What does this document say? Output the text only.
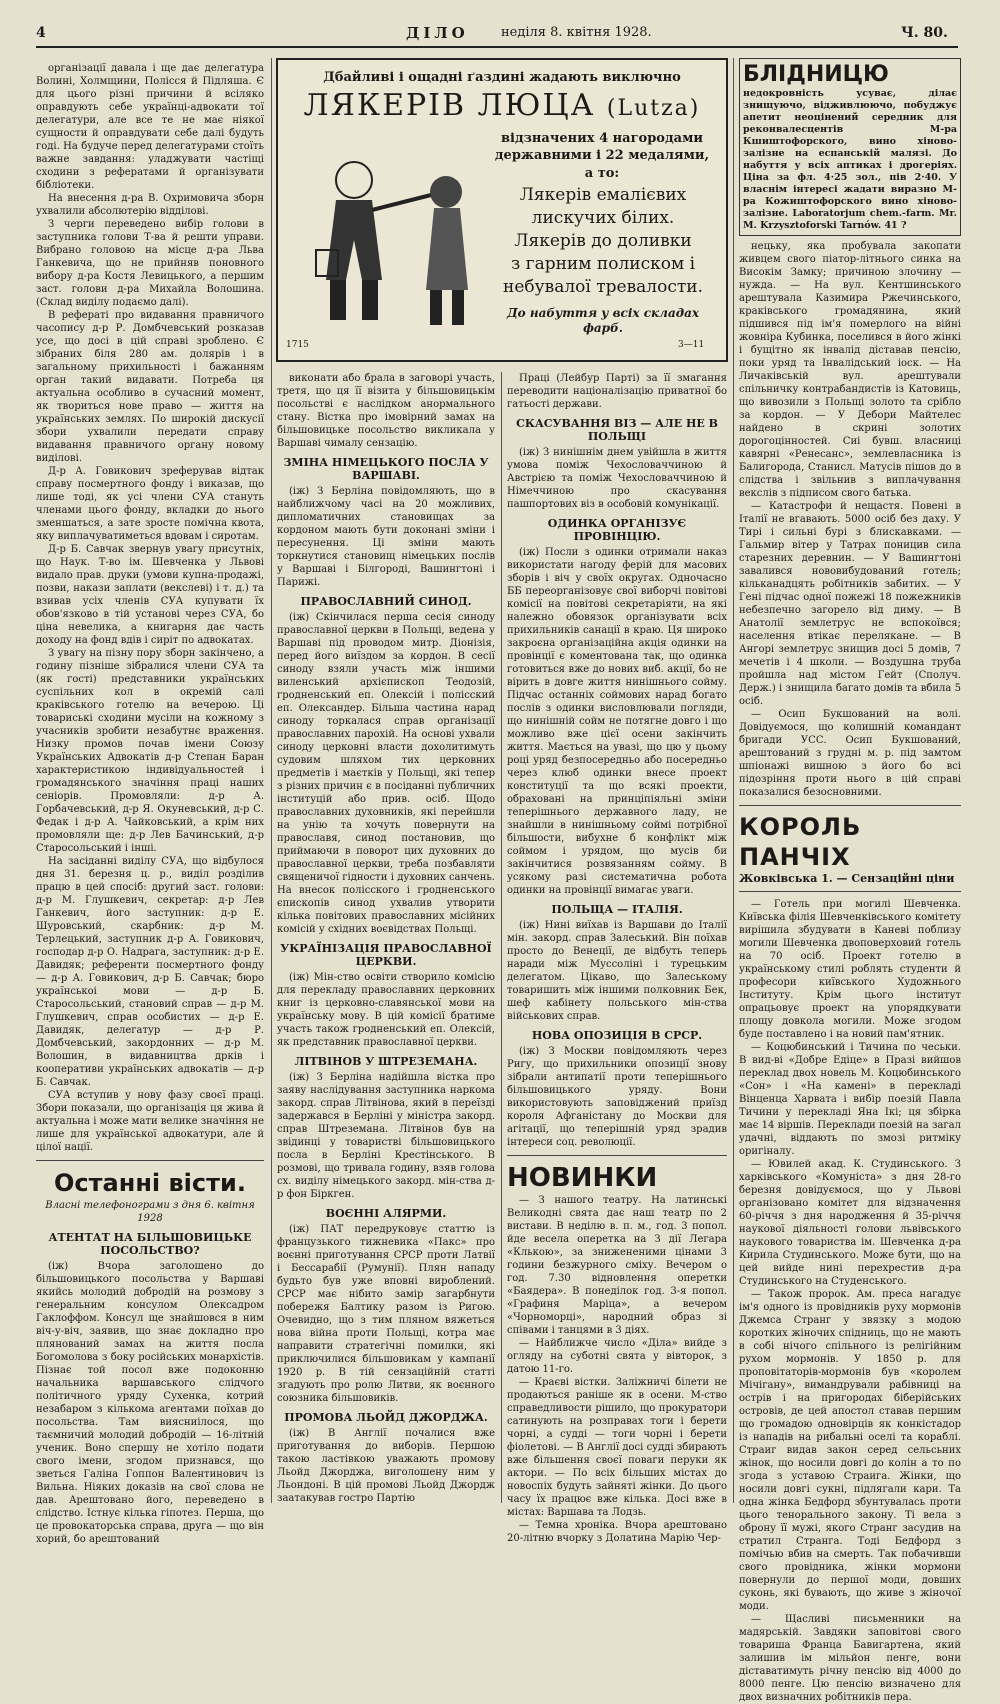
4	ДІЛО неділя 8. квітня 1928.	Ч. 80.

організації давала і ще дає делегатура Волині, Холмщини, Полісся й Підляша. Є для цього різні причини й всіляко оправдують себе українці-адвокати тої делегатури, але все те не має ніякої сущности й оправдувати себе далі будуть годі. На будуче перед делегатурами стоїть важне завдання: уладжувати частіщі сходини з рефератами й організувати бібліотеки.

На внесення д-ра В. Охримовича зборн ухвалили абсолютерію відділові.

З черги переведено вибір голови в заступника голови Т-ва й решти управи. Вибрано головою на місце д-ра Льва Ганкевича, що не прийняв поновного вибору д-ра Костя Левицького, а першим заст. голови д-ра Михайла Волошина. (Склад виділу подаємо далі).

В рефераті про видавання правничого часопису д-р Р. Домбчевський розказав усе, що досі в цій справі зроблено. Є зібраних біля 280 ам. долярів і в загальному прихильності і бажанням орган такий видавати. Потреба ця актуальна особливо в сучасний момент, як твориться нове право — життя на українських землях. По широкій дискусії збори ухвалили передати справу видавання правничого органу новому виділові.

Д-р А. Говикович зреферував відтак справу посмертного фонду і виказав, що лише тоді, як усі члени СУА стануть членами цього фонду, вкладки до нього зменшаться, а зате зросте помічна квота, яку виплачуватиметься вдовам і сиротам.

Д-р Б. Савчак звернув увагу присутніх, що Наук. Т-во ім. Шевченка у Львові видало прав. друки (умови купна-продажі, позви, накази заплати (векслеві) і т. д.) та взивав усіх членів СУА купувати їх обов'язково в тій установі через СУА, бо ціна невелика, а книгарня дає часть доходу на фонд вдів і сиріт по адвокатах.

З увагу на пізну пору зборн закінчено, а годину пізніше зібралися члени СУА та (як гості) представники українських суспільних кол в окремій салі краківського готелю на вечерою. Ці товариські сходини мусіли на кожному з учасників зробити незабутнє враження. Низку промов почав імени Союзу Українських Адвокатів д-р Степан Баран характеристикою індивідуальностей і громадянського значіння праці наших сеніорів. Промовляли: д-р А. Горбачевський, д-р Я. Окуневський, д-р С. Федак і д-р А. Чайковський, а крім них промовляли ще: д-р Лев Бачинський, д-р Старосольський і інші.

На засіданні виділу СУА, що відбулося дня 31. березня ц. р., виділ розділив працю в цей спосіб: другий заст. голови: д-р М. Глушкевич, секретар: д-р Лев Ганкевич, його заступник: д-р Е. Шуровський, скарбник: д-р М. Терлецький, заступник д-р А. Говикович, господар д-р О. Надрага, заступник: д-р Е. Давидяк; референти посмертного фонду — д-р А. Говикович, д-р Б. Савчак; бюро українськоі мови — д-р Б. Старосольський, становий справ — д-р М. Глушкевич, справ особистих — д-р Е. Давидяк, делегатур — д-р Р. Домбчевський, закордонних — д-р М. Волошин, в видавництва дрків і кооперативи українських адвокатів — д-р Б. Савчак.

СУА вступив у нову фазу своєї праці. Збори показали, що організація ця жива й актуальна і може мати велике значіння не лише для української адвокатури, але й цілої нації.

Останні вісти.
Власні телефонограми з дня 6. квітня 1928
АТЕНТАТ НА БІЛЬШОВИЦЬКЕ ПОСОЛЬСТВО?

(іж) Вчора заголошено до більшовицького посольства у Варшаві якийсь молодий добродій на розмову з генеральним консулом Олексадром Гаклоффом. Консул ще знайшовся в ним віч-у-віч, заявив, що знає докладно про плянований замах на життя посла Богомолова з боку російських монархістів. Пізнає той посол вже подоконню начальника варшавського слідчого політичного уряду Сухенка, котрий незабаром з кількома агентами поїхав до посольства. Там виясниілося, що таємничий молодий добродій — 16-літній ученик. Воно спершу не хотіло подати свого імени, згодом признався, що зветься Галіна Гоппон Валентинович із Вильна. Ніяких доказів на свої слова не дав. Арештовано його, переведено в слідство. Істнує кілька гіпотез. Перша, що це провокаторська справа, друга — що він хорий, бо арештований

Дбайливі і ощадні ґаздині жадають виключно
ЛЯКЕРІВ ЛЮЦА (Lutza)
відзначених 4 нагородами державними і 22 медалями,
а то:
Лякерів емалієвих
лискучих білих.
Лякерів до доливки
з гарним полиском і
небувалої тревалости.
До набуття у всіх складах фарб.
1715	3—11

виконати або брала в заговорі участь, третя, що ця її візита у більшовицькім посольстві є наслідком анормального стану. Вістка про імовірний замах на більшовицьке посольство викликала у Варшаві чималу сензацію.

ЗМІНА НІМЕЦЬКОГО ПОСЛА У ВАРШАВІ.

(іж) З Берліна повідомляють, що в найближчому часі на 20 можливих, дипломатичних становищах за кордоном мають бути доконані зміни і пересунення. Ці зміни мають торкнутися становищ німецьких послів у Варшаві і Білгороді, Вашингтоні і Парижі.

ПРАВОСЛАВНИЙ СИНОД.

(іж) Скінчилася перша сесія синоду православної церкви в Польщі, ведена у Варшаві під проводом митр. Діонізія, перед його виїздом за кордон. В сесії синоду взяли участь між іншими виленський архієпископ Теодозій, гродненський еп. Олексій і полісский еп. Олександер. Більша частина нарад синоду торкалася справ організації православних парохій. На основі ухвали синоду церковні власти дохолитимуть судовим шляхом тих церковних предметів і маєтків у Польщі, які тепер з різних причин є в посіданні публичних інституцій або прив. осіб. Щодо православних духовників, які перейшли на унію та хочуть повернути на православя, синод постановив, що приймаючи в поворот цих духовних до православної церкви, треба позбавляти священичої гідности і духовних санчень. На внесок полісского і гродненського єпископів синод ухвалив утворити кілька повітових православних місійних комісій у східних воєвідствах Польщі.

УКРАЇНІЗАЦІЯ ПРАВОСЛАВНОЇ ЦЕРКВИ.

(іж) Мін-ство освіти створило комісію для перекладу православних церковних книг із церковно-славянської мови на українську мову. В цій комісії братиме участь також гродненський еп. Олексій, як представник православної церкви.

ЛІТВІНОВ У ШТРЕЗЕМАНА.

(іж) З Берліна надійшла вістка про заяву наслідування заступника наркома закорд. справ Літвінова, який в переїзді задержався в Берліні у міністра закорд. справ Штреземана. Літвінов був на звідинці у товаристві більшовицького посла в Берліні Крестінського. В розмові, що тривала годину, взяв голова сх. виділу німецького закорд. мін-ства д-р фон Біркген.

ВОЄННІ АЛЯРМИ.

(іж) ПАТ передруковує статтю із французького тижневика «Пакс» про воєнні приготування СРСР проти Латвії і Бессарабії (Румунії). Плян нападу будьто був уже вповні вироблений. СРСР має нібито замір загарбнути побережя Балтику разом із Ригою. Очевидно, що з тим пляном вяжеться нова війна проти Польщі, котра має направити стратегічні помилки, які приключилися більшовикам у кампанії 1920 р. В тій сензаційній статті згадують про ролю Литви, як воєнного союзника більшовиків.

ПРОМОВА ЛЬОЙД ДЖОРДЖА.

(іж) В Англії почалися вже приготування до виборів. Першою такою ластівкою уважають промову Льойд Джорджа, виголошену ним у Льондоні. В цій промові Льойд Джордж заатакував гостро Партію

Праці (Лейбур Парті) за її змагання переводити націоналізацію приватної бо гатьості держави.

СКАСУВАННЯ ВІЗ — АЛЕ НЕ В ПОЛЬЩІ

(іж) З нинішнім днем увійшла в життя умова поміж Чехословаччиною й Австрією та поміж Чехословаччиною й Німеччиною про скасування пашпортових віз в особовій комунікації.

ОДИНКА ОРГАНІЗУЄ ПРОВІНЦІЮ.

(іж) Посли з одинки отримали наказ використати нагоду ферій для масових зборів і віч у своїх округах. Одночасно ББ переорганізовує свої виборчі повітові комісії на повітові секретаріяти, на які належно обовязок організувати всіх прихильників санації в краю. Ця широко закроєна організаційна акція одинки на провінції є коментована так, що одинка готовиться вже до нових виб. акції, бо не вірить в довге життя нинішнього сойму. Підчас останніх соймових нарад богато послів з одинки висловлювали погляди, що нинішній сойм не потягне довго і що можливо вже цієї осени закінчить життя. Мається на увазі, що цю у цьому році уряд безпосередньо або посередньо через клюб одинки внесе проект конституції та що всякі проекти, обраховані на принціпіяльні зміни теперішнього державного ладу, не знайшли в нинішньому соймі потрібної більшости, вибухне б конфлікт між соймом і урядом, що мусів би закінчитися розвязанням сойму. В усякому разі систематична робота одинки на провінції вимагає уваги.

ПОЛЬЩА — ІТАЛІЯ.

(іж) Нині виїхав із Варшави до Італії мін. закорд. справ Залеський. Він поїхав просто до Венеції, де відбуть теперь наради між Муссоліні і турецьким делегатом. Цікаво, що Залеському товаришить між іншими полковник Бек, шеф кабінету польського мін-ства військових справ.

НОВА ОПОЗИЦІЯ В СРСР.

(іж) З Москви повідомляють через Ригу, що прихильники опозиції знову зібрали антипатії проти теперішнього більшовицького уряду. Вони використовують заповіджений приїзд короля Афганістану до Москви для агітації, що теперішній уряд зрадив інтереси соц. революції.

НОВИНКИ

— З нашого театру. На латинські Великодні свята дає наш театр по 2 вистави. В неділю в. п. м., год. 3 попол. йде весела оперетка на З дії Легара «Клькою», за знижененими цінами 3 години безжурного сміху. Вечером о год. 7.30 відновлення оперетки «Баядера». В понеділок год. 3-я попол. «Графиня Маріца», а вечером «Чорноморці», народний образ зі співами і танцями в 3 діях.

— Найближче число «Діла» вийде з огляду на суботні свята у вівторок, з датою 11-го.

— Краєві вістки. Заліжничі білети не продаються раніше як в осени. М-ство справедливости рішило, що прокуратори сатинують на розправах тоги і берети чорні, а судді — тоги чорні і берети фіолетові. — В Англії досі судді збирають вже більшення своєї поваги перуки як актори. — По всіх більших містах до новоспіх будуть зайняті жінки. До цього часу їх працює вже кілька. Досі вже в містах: Варшава та Лодзь.

— Темна хроніка. Вчора арештовано 20-літню вчорку з Долатина Марію Чер-

БЛІДНИЦЮ
недокровність усуває, ділає знищуючо, відживлюючо, побуджує апетит неоцінений середник для реконвалесцентів М-ра Кшиштофорского, вино хіново-залізне на еспанській малязі. До набуття у всіх аптиках і дрогеріях. Ціна за фл. 4·25 зол., пів 2·40. У власнім інтересі жадати виразно М-ра Кожиштофорского вино хіново-залізне. Laboratorjum chem.-farm. Mr. M. Krzysztoforski Tarnów. 41 ?

нецьку, яка пробувала закопати живцем свого піатор-літнього синка на Високім Замку; причиною злочину — нужда. — На вул. Кентшинського арештувала Казимира Ржечинського, краківського громадянина, який підшився під ім'я померлого на війні жовніра Кубинка, поселився в його жінкі і бущітно як інвалід діставав пенсію, поки уряд та Інвалідський іоск. — На Личаківській вул. арештували спільничку контрабандистів із Катовиць, що вивозили з Польщі золото та срібло за кордон. — У Дебори Майтелес найдено в скрині золотих дорогоцінностей. Сиі бувш. власниці кавярні «Ренесанс», землевласника із Балигорода, Станисл. Матусів пішов до в слідства і звільнив з виплачування векслів з підписом свого батька.

— Катастрофи й нещастя. Повені в Італії не вгавають. 5000 осіб без даху. У Тирі і сильні бурі з блискавками. — Гальмир вітер у Татрах поницив сила старезних деревнин. — У Вашингтоні завалився нововибудований готель; кільканадцять робітників забитих. — У Гені підчас одної пожежі 18 пожежників небезпечно загорело від диму. — В Анатолії землетрус не вспокоївся; населення втікає переляканe. — В Ангорі землетрус знищив досі 5 домів, 7 мечетів і 4 школи. — Воздушна труба пройшла над містом Гейт (Сполуч. Держ.) і знищила багато домів та вбила 5 осіб.

— Осип Букшований на волі. Довідуємося, що колишній командант бригади УСС. Осип Букшований, арештований з грудні м. р. під замтом шпіонажі вишною з його бо всі підозріння проти нього в цій справі показалися безосновними.

КОРОЛЬ ПАНЧІХ
Жовківська 1. — Сензаційні ціни

— Готель при могилі Шевченка. Київська філія Шевченківського комітету вирішила збудувати в Каневі поблизу могили Шевченка двоповерховий готель на 70 осіб. Проект готелю в українському стилі роблять студенти й професори київського Художнього Інституту. Крім цього інститут опрацьовує проект на упорядкувати площу довкола могили. Може згодом буде поставлено і на новий пам'ятник.

— Коцюбинський і Тичина по чеськи. В вид-ві «Добре Едіце» в Празі вийшов переклад двох новель М. Коцюбинського «Сон» і «На камені» в перекладі Вінценца Харвата і вибір поезій Павла Тичини у перекладі Яна Ікі; ця збірка має 14 віршів. Переклади поезій на загал удачні, віддають по змозі ритміку оригіналу.

— Ювилей акад. К. Студинського. З харківського «Комуніста» з дня 28-го березня довідуємося, що у Львові організовано комітет для відзначення 60-річчя з дня народження й 35-річчя наукової діяльності голови львівського наукового товариства ім. Шевченка д-ра Кирила Студинського. Може бути, що на цей вийде нині перехрестив д-ра Студинського на Студенського.

— Також пророк. Ам. преса нагадує ім'я одного із провідників руху мормонів Джемса Странг у звязку з модою коротких жіночих спідниць, що не мають в собі нічого спільного із релігійним рухом мормонів. У 1850 р. для проповітаторів-мормонів був «королем Мічігану», вимандрували рабівниці на острів і на пригородах біберійських островів, де цей апостол ставав першим що громадою одновірців як конкістадор із нападів на рибальні оселі та кораблі. Страиг видав закон серед сельсьних жінок, що носили довгі до колін а то по згода з уставою Страига. Жінки, що носили довгі сукні, підлягали кари. Та одна жінка Бедфорд збунтувалась проти цього тенорального закону. Ті вела з оброну її мужі, якого Странг засудив на стратил Странга. Тоді Бедфорд з помічью вбив на смерть. Так побачивши свого провідника, жінки мормони повернули до першої моди, довших суконь, які бувають, що живе з жіночої моди.

— Щасливі письменники на мадярській. Завдяки заповітові свого товариша Франца Бавигартена, який залишив ім мільйон пенге, вони діставатимуть річну пенсію від 4000 до 8000 пенге. Цю пенсію визначено для двох визначних робітників пера.
